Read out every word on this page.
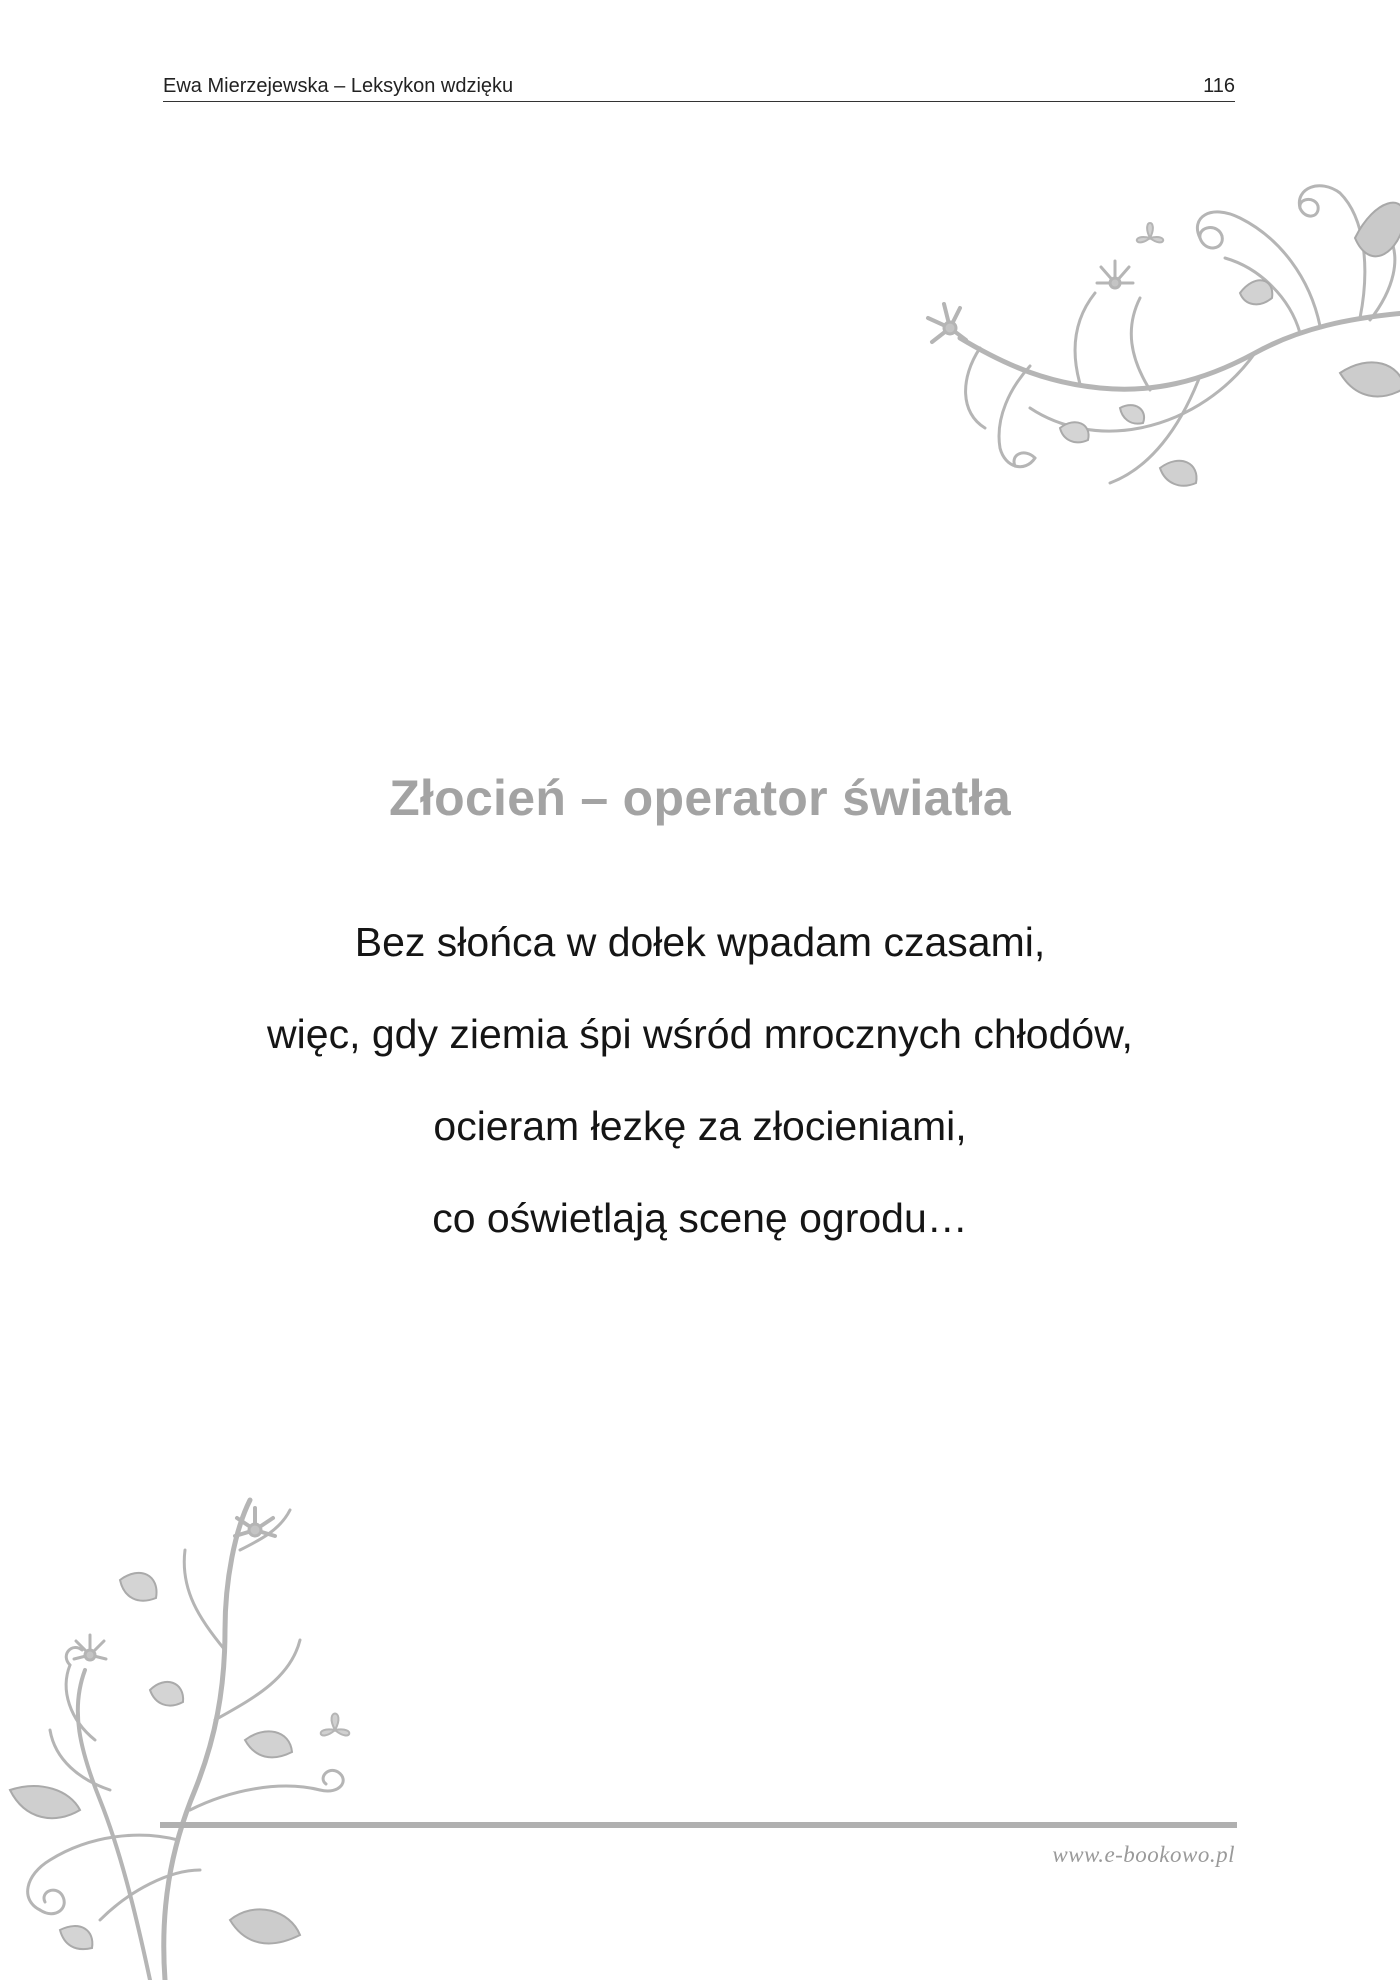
Ewa Mierzejewska – Leksykon wdzięku	116
Złocień – operator światła
Bez słońca w dołek wpadam czasami,
więc, gdy ziemia śpi wśród mrocznych chłodów,
ocieram łezkę za złocieniami,
co oświetlają scenę ogrodu…
www.e-bookowo.pl
